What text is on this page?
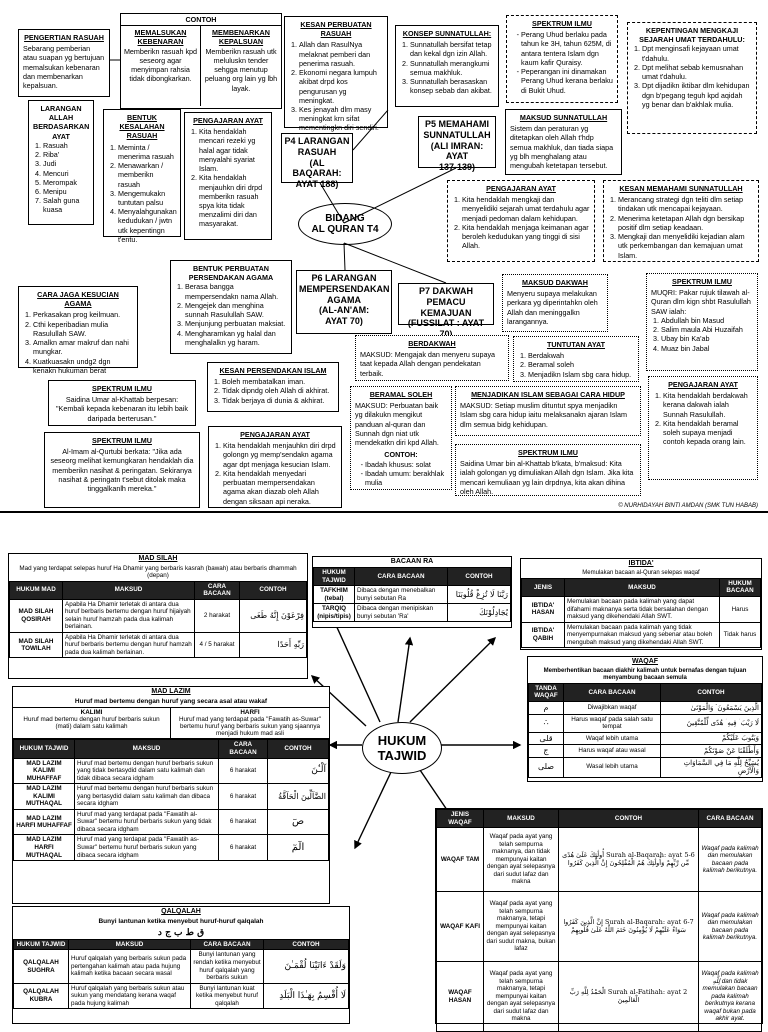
PENGERTIAN RASUAH
Sebarang pemberian atau suapan yg bertujuan memalsukan kebenaran dan membenarkan kepalsuan.
CONTOH
MEMALSUKAN KEBENARAN
Memberikn rasuah kpd seseorg agar menyimpan rahsia tidak dibongkarkan.
MEMBENARKAN KEPALSUAN
Memberikn rasuah utk meluluskn tender sehgga menutup peluang org lain yg lbh layak.
KESAN PERBUATAN RASUAH
1. Allah dan RasulNya melaknat pemberi dan penerima rasuah.
2. Ekonomi negara lumpuh akibat drpd kos pengurusan yg meningkat.
3. Kes jenayah dlm masy meningkat krn sifat mementingkn diri sendiri.
KONSEP SUNNATULLAH:
1. Sunnatullah bersifat tetap dan kekal dgn izin Allah.
2. Sunnatullah merangkumi semua makhluk.
3. Sunnatullah berasaskan konsep sebab dan akibat.
SPEKTRUM ILMU
- Perang Uhud berlaku pada tahun ke 3H, tahun 625M, di antara tentera Islam dgn kaum kafir Quraisy.
- Peperangan ini dinamakan Perang Uhud kerana berlaku di Bukit Uhud.
KEPENTINGAN MENGKAJI SEJARAH UMAT TERDAHULU:
1. Dpt menginsafi kejayaan umat t'dahulu.
2. Dpt melihat sebab kemusnahan umat t'dahulu.
3. Dpt dijadikn iktibar dlm kehidupan dgn b'pegang teguh kpd aqidah yg benar dan b'akhlak mulia.
LARANGAN ALLAH BERDASARKAN AYAT
1. Rasuah
2. Riba'
3. Judi
4. Mencuri
5. Merompak
6. Menipu
7. Salah guna kuasa
BENTUK KESALAHAN RASUAH
1. Meminta / menerima rasuah
2. Menawarkan / memberikn rasuah
3. Mengemukakn tuntutan palsu
4. Menyalahgunakan kedudukan / jwtn utk kepentingn t'entu.
PENGAJARAN AYAT
1. Kita hendaklah mencari rezeki yg halal agar tidak menyalahi syariat Islam.
2. Kita hendaklah menjauhkn diri drpd memberikn rasuah spya kita tidak menzalimi diri dan masyarakat.
P4 LARANGAN
RASUAH
(AL BAQARAH:
AYAT 188)
P5 MEMAHAMI
SUNNATULLAH
(ALI IMRAN: AYAT
137-139)
MAKSUD SUNNATULLAH
Sistem dan peraturan yg ditetapkan oleh Allah t'hdp semua makhluk, dan tiada siapa yg blh menghalang atau mengubah ketetapan tersebut.
BIDANG
AL QURAN T4
PENGAJARAN AYAT
1. Kita hendaklah mengkaji dan menyelidiki sejarah umat terdahulu agar menjadi pedoman dalam kehidupan.
2. Kita hendaklah menjaga keimanan agar beroleh kedudukan yang tinggi di sisi Allah.
KESAN MEMAHAMI SUNNATULLAH
1. Merancang strategi dgn teliti dlm setiap tindakan utk mencapai kejayaan.
2. Menerima ketetapan Allah dgn bersikap positif dlm setiap keadaan.
3. Mengkaji dan menyelidiki kejadian alam utk perkembangan dan kemajuan umat Islam.
BENTUK PERBUATAN PERSENDAKAN AGAMA
1. Berasa bangga mempersendakn nama Allah.
2. Mengejek dan menghina sunnah Rasulullah SAW.
3. Menjunjung perbuatan maksiat.
4. Mengharamkan yg halal dan menghalalkn yg haram.
P6 LARANGAN
MEMPERSENDAKAN
AGAMA
(AL-AN'AM:
AYAT 70)
P7 DAKWAH
PEMACU KEMAJUAN
(FUSSILAT : AYAT
MAKSUD DAKWAH
Menyeru supaya melakukan perkara yg diperintahkn oleh Allah dan meninggalkn larangannya.
SPEKTRUM ILMU
MUQRI: Pakar rujuk tilawah al-Quran dlm kign shbt Rasulullah SAW ialah:
1. Abdullah bin Masud
2. Salim maula Abi Huzaifah
3. Ubay bin Ka'ab
4. Muaz bin Jabal
CARA JAGA KESUCIAN AGAMA
1. Perkasakan prog keilmuan.
2. Cthi keperibadian mulia Rasulullah SAW.
3. Amalkn amar makruf dan nahi mungkar.
4. Kuatkuasakn undg2 dgn kenakn hukuman berat
BERDAKWAH
MAKSUD: Mengajak dan menyeru supaya taat kepada Allah dengan pendekatan terbaik.
TUNTUTAN AYAT
1. Berdakwah
2. Beramal soleh
3. Menjadikn Islam sbg cara hidup.
KESAN PERSENDAKAN ISLAM
1. Boleh membatalkan iman.
2. Tidak dipndg oleh Allah di akhirat.
3. Tidak berjaya di dunia & akhirat.
SPEKTRUM ILMU
Saidina Umar al-Khattab berpesan: "Kembali kepada kebenaran itu lebih baik daripada berterusan."
BERAMAL SOLEH
MAKSUD: Perbuatan baik yg dilakukn mengikut panduan al-quran dan Sunnah dgn niat utk mendekatkn diri kpd Allah.
CONTOH:
- Ibadah khusus: solat
- Ibadah umum: berakhlak mulia
MENJADIKAN ISLAM SEBAGAI CARA HIDUP
MAKSUD: Setiap muslim dituntut spya menjadikn Islam sbg cara hidup iaitu melaksanakn ajaran Islam dlm semua bidg kehidupan.
PENGAJARAN AYAT
1. Kita hendaklah berdakwah kerana dakwah ialah Sunnah Rasulullah.
2. Kita hendaklah beramal soleh supaya menjadi contoh kepada orang lain.
SPEKTRUM ILMU
Al-Imam al-Qurtubi berkata: "Jika ada seseorg melihat kemungkaran hendaklah dia memberikn nasihat & peringatan. Sekiranya nasihat & peringatn t'sebut ditolak maka tinggalkanlh mereka."
PENGAJARAN AYAT
1. Kita hendaklah menjauhkn diri drpd golongn yg memp'sendakn agama agar dpt menjaga kesucian Islam.
2. Kita hendaklah menyedari perbuatan mempersendakan agama akan diazab oleh Allah dengan siksaan api neraka.
SPEKTRUM ILMU
Saidina Umar bin al-Khattab b'kata, b'maksud: Kita ialah golongan yg dimuliakan Allah dgn Islam. Jika kita mencari kemuliaan yg lain drpdnya, kita akan dihina oleh Allah.
© NURHIDAYAH BINTI AMDAN (SMK TUN HABAB)
HUKUM
TAJWID
MAD SILAH
Mad yang terdapat selepas huruf Ha Dhamir yang berbaris kasrah (bawah) atau berbaris dhammah (depan)
HUKUM MAD	MAKSUD	CARA BACAAN	CONTOH
MAD SILAH QOSIRAH	Apabila Ha Dhamir terletak di antara dua huruf berbaris bertemu dengan huruf hijaiyah selain huruf hamzah pada dua kalimah berlainan.	2 harakat	فِرْعَوْنَ إِنَّهُ طَغَى
MAD SILAH TOWILAH	Apabila Ha Dhamir terletak di antara dua huruf berbaris bertemu dengan huruf hamzah pada dua kalimah berlainan.	4 / 5 harakat	رَبِّهِ أَحَدًا
BACAAN RA
HUKUM TAJWID	CARA BACAAN	CONTOH
TAFKHIM (tebal)	Dibaca dengan menebalkan bunyi sebutan Ra	رَبَّنَا لَا تُزِغْ قُلُوبَنَا
TARQIQ (nipis/tipis)	Dibaca dengan menipiskan bunyi sebutan 'Ra'	يُجَادِلُوْنَكَ
IBTIDA'
Memulakan bacaan al-Quran selepas waqaf
JENIS	MAKSUD	HUKUM BACAAN
IBTIDA' HASAN	Memulakan bacaan pada kalimah yang dapat difahami maknanya serta tidak bersalahan dengan maksud yang dikehendaki Allah SWT.	Harus
IBTIDA' QABIH	Memulakan bacaan pada kalimah yang tidak menyempurnakan maksud yang sebenar atau boleh mengubah maksud yang dikehendaki Allah SWT.	Tidak harus
WAQAF
Memberhentikan bacaan diakhir kalimah untuk bernafas dengan tujuan menyambung bacaan semula
TANDA WAQAF	CARA BACAAN	CONTOH
م	Diwajibkan waqaf	الَّذِينَ يَسْمَعُونَ ۘ وَالْمَوْتَىٰ
∴	Harus waqaf pada salah satu tempat	لَا رَيْبَ ۛ فِيهِ ۛ هُدًى لِّلْمُتَّقِينَ
قلى	Waqaf lebih utama	وَيَتُوبَ عَلَيْكُمْ
ج	Harus waqaf atau wasal	وَأَطْلَقْنَا عَنْ صَوْتَكُمْ
صلى	Wasal lebih utama	يُسَبِّحُ لِلَّهِ مَا فِي السَّمَاوَاتِ وَالْأَرْضِ
MAD LAZIM
Huruf mad bertemu dengan huruf yang secara asal atau wakaf
KALIMI
Huruf mad bertemu dengan huruf berbaris sukun (mati) dalam satu kalimah
HARFI
Huruf mad yang terdapat pada "Fawatih as-Suwar" bertemu huruf yang berbaris sukun yang sjaannya menjadi hukum mad asli
HUKUM TAJWID	MAKSUD	CARA BACAAN	CONTOH
MAD LAZIM KALIMI MUHAFFAF	Huruf mad bertemu dengan huruf berbaris sukun yang tidak bertasydid dalam satu kalimah dan tidak dibaca secara idgham	6 harakat	آلْـٰٔنَ
MAD LAZIM KALIMI MUTHAQAL	Huruf mad bertemu dengan huruf berbaris sukun yang bertasydid dalam satu kalimah dan dibaca secara idgham	6 harakat	الضَّآلِّينَ الْحَآقَّةُ
MAD LAZIM HARFI MUHAFFAF	Huruf mad yang terdapat pada "Fawatih al-Suwar" bertemu huruf berbaris sukun yang tidak dibaca secara idgham	6 harakat	صٓ
MAD LAZIM HARFI MUTHAQAL	Huruf mad yang terdapat pada "Fawatih as-Suwar" bertemu huruf berbaris sukun yang dibaca secara idgham	6 harakat	الٓمٓ
JENIS WAQAF	MAKSUD	CONTOH	CARA BACAAN
WAQAF TAM	Waqaf pada ayat yang telah sempurna maknanya, dan tidak mempunyai kaitan dengan ayat selepasnya dari sudut lafaz dan makna	Surah al-Baqarah: ayat 5-6 أُولَٰئِكَ عَلَىٰ هُدًى مِّن رَّبِّهِمْ وَأُولَٰئِكَ هُمُ الْمُفْلِحُونَ إِنَّ الَّذِينَ كَفَرُوا	Waqaf pada kalimah dan memulakan bacaan pada kalimah berikutnya.
WAQAF KAFI	Waqaf pada ayat yang telah sempurna maknanya, tetapi mempunyai kaitan dengan ayat selepasnya dari sudut makna, bukan lafaz	Surah al-Baqarah: ayat 6-7 إِنَّ الَّذِينَ كَفَرُوا سَوَاءٌ عَلَيْهِمْ لَا يُؤْمِنُونَ خَتَمَ اللَّهُ عَلَىٰ قُلُوبِهِمْ	Waqaf pada kalimah dan memulakan bacaan pada kalimah berikutnya.
WAQAF HASAN	Waqaf pada ayat yang telah sempurna maknanya, tetapi mempunyai kaitan dengan ayat selepasnya dari sudut lafaz dan makna	Surah al-Fatihah: ayat 2 الْحَمْدُ لِلَّهِ رَبِّ الْعَالَمِينَ	Waqaf pada kalimah لِلَّهِ dan tidak memulakan bacaan pada kalimah berikutnya kerana waqaf bukan pada akhir ayat.
QALQALAH
Bunyi lantunan ketika menyebut huruf-huruf qalqalah
ق ط ب ج د
HUKUM TAJWID	MAKSUD	CARA BACAAN	CONTOH
QALQALAH SUGHRA	Huruf qalqalah yang berbaris sukun pada pertengahan kalimah atau pada hujung kalimah ketika bacaan secara wasal	Bunyi lantunan yang rendah ketika menyebut huruf qalqalah yang berbaris sukun	وَلَقَدْ ءَاتَيْنَا لُقْمَـٰنَ
QALQALAH KUBRA	Huruf qalqalah yang berbaris sukun atau sukun yang mendatang kerana waqaf pada hujung kalimah	Bunyi lantunan kuat ketika menyebut huruf qalqalah	لَا أُقْسِمُ بِهَـٰذَا الْبَلَدِ
